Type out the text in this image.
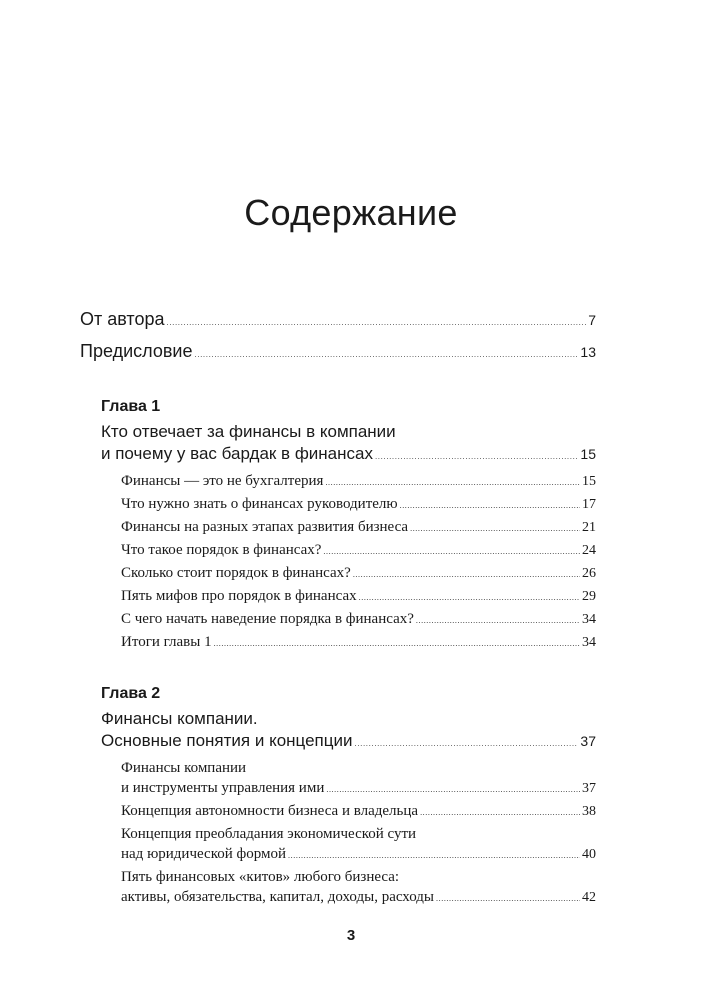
Содержание
От автора .....	7
Предисловие .....	13
Глава 1
Кто отвечает за финансы в компании
и почему у вас бардак в финансах .....	15
Финансы — это не бухгалтерия .....	15
Что нужно знать о финансах руководителю .....	17
Финансы на разных этапах развития бизнеса .....	21
Что такое порядок в финансах? .....	24
Сколько стоит порядок в финансах? .....	26
Пять мифов про порядок в финансах .....	29
С чего начать наведение порядка в финансах? .....	34
Итоги главы 1 .....	34
Глава 2
Финансы компании.
Основные понятия и концепции .....	37
Финансы компании
и инструменты управления ими .....	37
Концепция автономности бизнеса и владельца .....	38
Концепция преобладания экономической сути
над юридической формой .....	40
Пять финансовых «китов» любого бизнеса:
активы, обязательства, капитал, доходы, расходы .....	42
3
